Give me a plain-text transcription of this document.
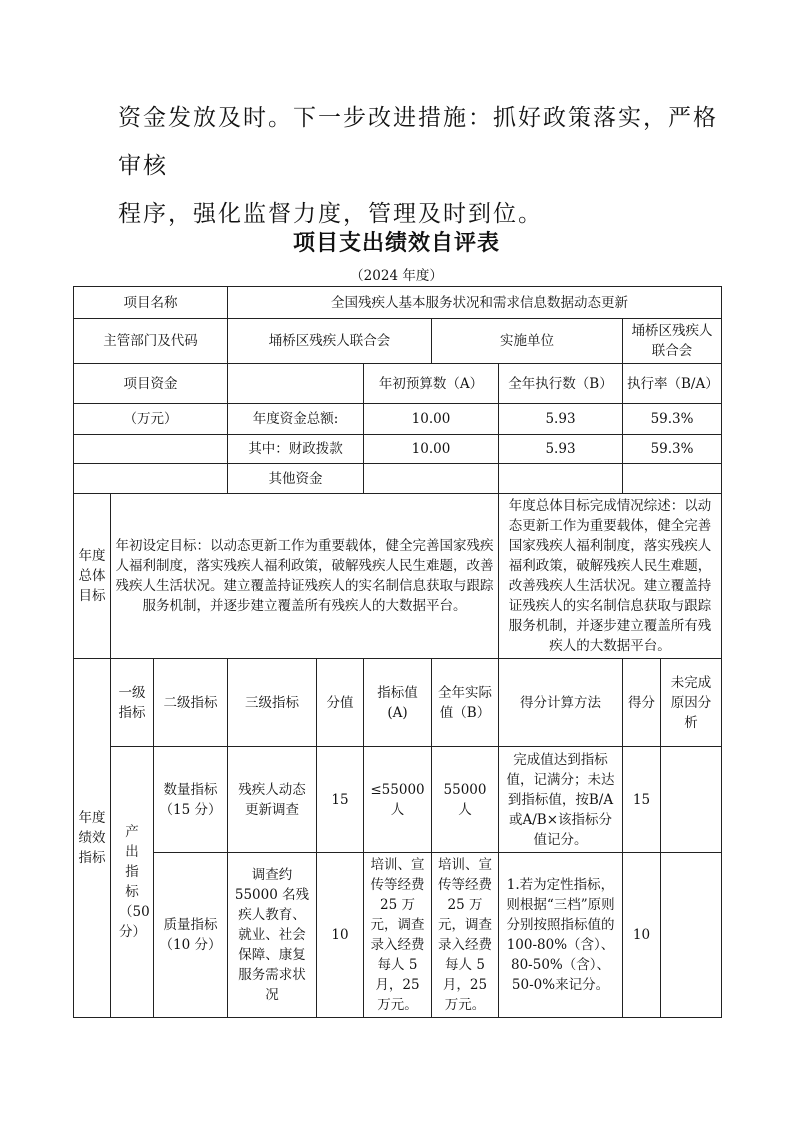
资金发放及时。下一步改进措施：抓好政策落实，严格审核

程序，强化监督力度，管理及时到位。

项目支出绩效自评表
（2024 年度）
项目名称			全国残疾人基本服务状况和需求信息数据动态更新						
主管部门及代码			埇桥区残疾人联合会			实施单位		埇桥区残疾人联合会	
项目资金					年初预算数（A）		全年执行数（B）	执行率（B/A）	
（万元）			年度资金总额:		10.00		5.93	59.3%	
			其中：财政拨款		10.00		5.93	59.3%	
			其他资金						
年度总体目标	年初设定目标：以动态更新工作为重要载体，健全完善国家残疾人福利制度，落实残疾人福利政策，破解残疾人民生难题，改善残疾人生活状况。建立覆盖持证残疾人的实名制信息获取与跟踪服务机制，并逐步建立覆盖所有残疾人的大数据平台。						年度总体目标完成情况综述：以动态更新工作为重要载体，健全完善国家残疾人福利制度，落实残疾人福利政策，破解残疾人民生难题，改善残疾人生活状况。建立覆盖持证残疾人的实名制信息获取与跟踪服务机制，并逐步建立覆盖所有残疾人的大数据平台。		
年度绩效指标	一级指标	二级指标	三级指标	分值	指标值(A)	全年实际值（B）	得分计算方法	得分	未完成原因分析
	产出指标（50分）	数量指标（15 分）	残疾人动态更新调查	15	≤55000人	55000 人	完成值达到指标值，记满分；未达到指标值，按B/A或A/B×该指标分值记分。	15	
		质量指标（10 分）	调查约55000 名残疾人教育、就业、社会保障、康复服务需求状况	10	培训、宣传等经费 25 万元，调查录入经费每人 5 月，25 万元。	培训、宣传等经费 25 万元，调查录入经费每人 5 月，25 万元。	1.若为定性指标，则根据“三档”原则分别按照指标值的100-80%（含）、80-50%（含）、50-0%来记分。	10	
